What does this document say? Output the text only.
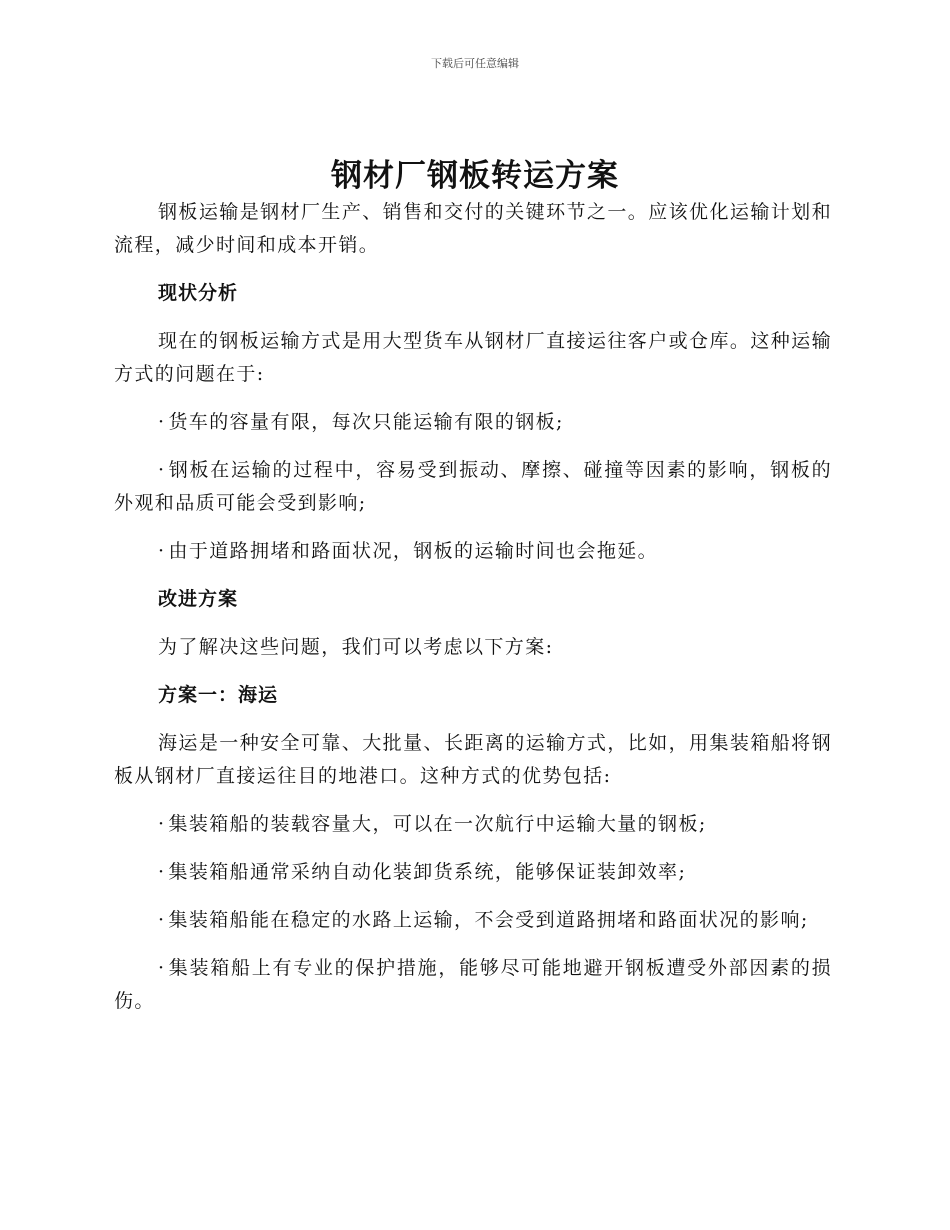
下载后可任意编辑
钢材厂钢板转运方案

钢板运输是钢材厂生产、销售和交付的关键环节之一。应该优化运输计划和流程，减少时间和成本开销。

现状分析

现在的钢板运输方式是用大型货车从钢材厂直接运往客户或仓库。这种运输方式的问题在于:

· 货车的容量有限，每次只能运输有限的钢板;

· 钢板在运输的过程中，容易受到振动、摩擦、碰撞等因素的影响，钢板的外观和品质可能会受到影响;

· 由于道路拥堵和路面状况，钢板的运输时间也会拖延。

改进方案

为了解决这些问题，我们可以考虑以下方案:

方案一：海运

海运是一种安全可靠、大批量、长距离的运输方式，比如，用集装箱船将钢板从钢材厂直接运往目的地港口。这种方式的优势包括:

· 集装箱船的装载容量大，可以在一次航行中运输大量的钢板;

· 集装箱船通常采纳自动化装卸货系统，能够保证装卸效率;

· 集装箱船能在稳定的水路上运输，不会受到道路拥堵和路面状况的影响;

· 集装箱船上有专业的保护措施，能够尽可能地避开钢板遭受外部因素的损伤。
